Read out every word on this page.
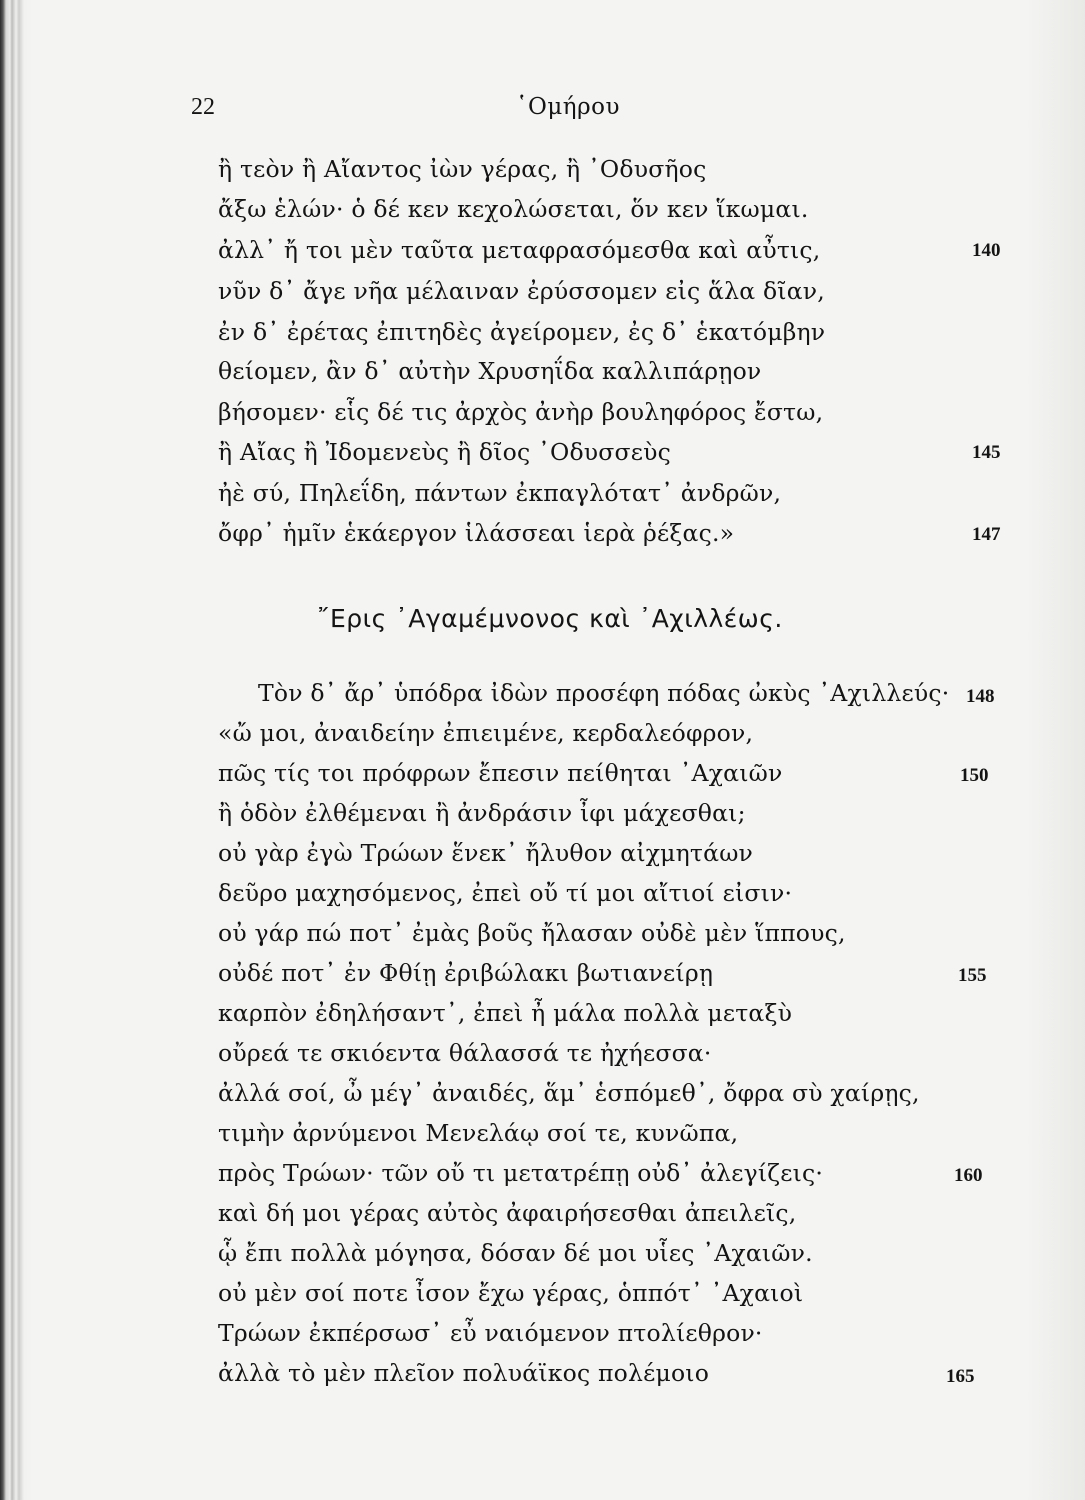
22	῾Ομήρου
ἢ τεὸν ἢ Αἴαντος ἰὼν γέρας, ἢ ᾿Οδυσῆος
ἄξω ἑλών· ὁ δέ κεν κεχολώσεται, ὅν κεν ἵκωμαι.
ἀλλ᾿ ἤ τοι μὲν ταῦτα μεταφρασόμεσθα καὶ αὖτις,	140
νῦν δ᾿ ἄγε νῆα μέλαιναν ἐρύσσομεν εἰς ἅλα δῖαν,
ἐν δ᾿ ἐρέτας ἐπιτηδὲς ἀγείρομεν, ἐς δ᾿ ἑκατόμβην
θείομεν, ἂν δ᾿ αὐτὴν Χρυσηΐδα καλλιπάρῃον
βήσομεν· εἷς δέ τις ἀρχὸς ἀνὴρ βουληφόρος ἔστω,
ἢ Αἴας ἢ Ἰδομενεὺς ἢ δῖος ᾿Οδυσσεὺς	145
ἠὲ σύ, Πηλεΐδη, πάντων ἐκπαγλότατ᾿ ἀνδρῶν,
ὄφρ᾿ ἡμῖν ἑκάεργον ἱλάσσεαι ἱερὰ ῥέξας.»	147
῎Ερις ᾿Αγαμέμνονος καὶ ᾿Αχιλλέως.
Τὸν δ᾿ ἄρ᾿ ὑπόδρα ἰδὼν προσέφη πόδας ὠκὺς ᾿Αχιλλεύς· 148
«ὤ μοι, ἀναιδείην ἐπιειμένε, κερδαλεόφρον,
πῶς τίς τοι πρόφρων ἔπεσιν πείθηται ᾿Αχαιῶν	150
ἢ ὁδὸν ἐλθέμεναι ἢ ἀνδράσιν ἶφι μάχεσθαι;
οὐ γὰρ ἐγὼ Τρώων ἕνεκ᾿ ἤλυθον αἰχμητάων
δεῦρο μαχησόμενος, ἐπεὶ οὔ τί μοι αἴτιοί εἰσιν·
οὐ γάρ πώ ποτ᾿ ἐμὰς βοῦς ἤλασαν οὐδὲ μὲν ἵππους,
οὐδέ ποτ᾿ ἐν Φθίῃ ἐριβώλακι βωτιανείρῃ	155
καρπὸν ἐδηλήσαντ᾿, ἐπεὶ ἦ μάλα πολλὰ μεταξὺ
οὔρεά τε σκιόεντα θάλασσά τε ἠχήεσσα·
ἀλλά σοί, ὦ μέγ᾿ ἀναιδές, ἅμ᾿ ἑσπόμεθ᾿, ὄφρα σὺ χαίρῃς,
τιμὴν ἀρνύμενοι Μενελάῳ σοί τε, κυνῶπα,
πρὸς Τρώων· τῶν οὔ τι μετατρέπῃ οὐδ᾿ ἀλεγίζεις·	160
καὶ δή μοι γέρας αὐτὸς ἀφαιρήσεσθαι ἀπειλεῖς,
ᾧ ἔπι πολλὰ μόγησα, δόσαν δέ μοι υἷες ᾿Αχαιῶν.
οὐ μὲν σοί ποτε ἶσον ἔχω γέρας, ὁππότ᾿ ᾿Αχαιοὶ
Τρώων ἐκπέρσωσ᾿ εὖ ναιόμενον πτολίεθρον·
ἀλλὰ τὸ μὲν πλεῖον πολυάϊκος πολέμοιο	165
